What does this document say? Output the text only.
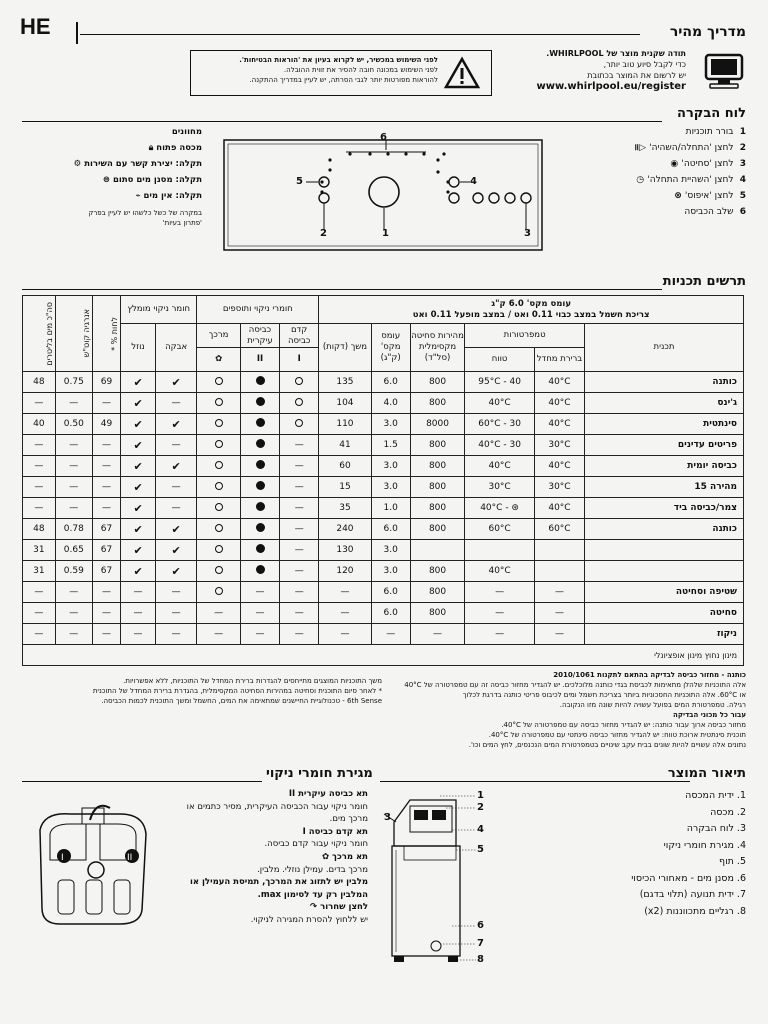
HE	מדריך מהיר
תודה שקנית מוצר של WHIRLPOOL.
כדי לקבל סיוע טוב יותר,
יש לרשום את המוצר בכתובת
www.whirlpool.eu/register
לפני השימוש במכשיר, יש לקרוא בעיון את 'הוראות הבטיחות'.
לפני השימוש במכונה חובה להסיר את זווית ההובלה.
להוראות מפורטות יותר לגבי הסרתה, יש לעיין במדריך ההתקנה.
לוח הבקרה
1  בורר תוכניות
2  לחצן 'התחלה/השהיה' ▷॥
3  לחצן 'סחיטה' ◉
4  לחצן 'השהיית התחלה' ◷
5  לחצן 'איפוס' ⊗
6  שלב הכביסה
6
5	4
2	1	3
מחוונים
מכסה פתוח 🔒︎
תקלה: יצירת קשר עם השירות ⚙
תקלה: מסנן מים סתום ⊜
תקלה: אין מים ⌁
במקרה של כשל כלשהו יש לעיין בפרק
'פתרון בעיות'
תרשים תכניות
עומס מקס' 6.0 ק"ג
צריכת חשמל במצב כבוי 0.11 ואט / במצב מופעל 0.11 ואט						חומרי ניקוי ותוספים			חומר ניקוי מומלץ		לחות % *	אנרגיה קוט"ש	סה"כ מים בליטרים

תכנית	טמפרטורות		מהירות סחיטה מקסימלית (סל"ד)	עומס מקס' (ק"ג)	משך (דקות)	קדם כביסה	כביסה עיקרית	מרכך	אבקה	נוזל			
	ברירת מחדל	טווח				I	II	✿					
כותנה	40°C	40 - 95°C	800	6.0	135				✔	✔	69	0.75	48
ג'ינס	40°C	40°C	800	4.0	104				—	✔	—	—	—
סינתטית	40°C	30 - 60°C	8000	3.0	110				✔	✔	49	0.50	40
פריטים עדינים	30°C	30 - 40°C	800	1.5	41	—			—	✔	—	—	—
כביסה יומית	40°C	40°C	800	3.0	60	—			✔	✔	—	—	—
מהירה 15	30°C	30°C	800	3.0	15	—			—	✔	—	—	—
צמר/כביסה ביד	40°C	⊛ - 40°C	800	1.0	35	—			—	✔	—	—	—
כותנה	60°C	60°C	800	6.0	240	—			✔	✔	67	0.78	48
				3.0	130	—			✔	✔	67	0.65	31
		40°C	800	3.0	120	—			✔	✔	67	0.59	31
שטיפה וסחיטה	—	—	800	6.0	—	—	—		—	—	—	—	—
סחיטה	—	—	800	6.0	—	—	—	—	—	—	—	—	—
ניקוז	—	—	—	—	—	—	—	—	—	—	—	—	—
מינון נחוץ מינון אופציונלי													
כותנה - מחזור כביסה לבדיקה בהתאם לתקנות 2010/1061
אלה התוכניות שלהלן מתאימות לכביסת בגדי כותנה מלוכלכים. יש להגדיר מחזור כביסה זה עם טמפרטורה של 40°C
או 60°C. אלה התוכניות החסכוניות ביותר בצריכת חשמל ומים לכיבוס פריטי כותנה בדרגת לכלוך
רגילה. טמפרטורת המים בפועל עשויה להיות שונה מזו הנקובה.
עבור כל מכוני הבדיקה
מחזור כביסה ארוך עבור כותנה: יש להגדיר מחזור כביסה עם טמפרטורה של 40°C.
תוכנית סינתטית ארוכת טווח: יש להגדיר מחזור כביסה סינתטי עם טמפרטורה של 40°C.
נתונים אלה עשויים להיות שונים בבית עקב שינויים בטמפרטורת המים הנכנסים, לחץ המים וכו'.
משך התוכניות המוצגים מתייחסים להגדרות ברירת המחדל של התוכניות, ללא אפשרויות.
* לאחר סיום התוכנית וסחיטה במהירות הסחיטה המקסימלית, בהגדרת ברירת המחדל של התוכנית
6th Sense - טכנולוגיית החיישנים שמתאימה את המים, החשמל ומשך התוכנית לכמות הכביסה.
תיאור המוצר
1. ידית המכסה
2. מכסה
3. לוח הבקרה
4. מגירת חומרי ניקוי
5. תוף
6. מסנן מים - מאחורי הכיסוי
7. ידית תנועה (תלוי בדגם)
8. רגליים מתכווננות (x2)
1
2
3
4
5
6
7
8
מגירת חומרי ניקוי
תא כביסה עיקרית II
חומר ניקוי עבור הכביסה העיקרית, מסיר כתמים או
מרכך מים.
תא קדם כביסה I
חומר ניקוי עבור קדם כביסה.
תא מרכך ✿
מרכך בדים. עמילן נוזלי. מלבין.
מלבין יש לתזוג את המרכך, תמיסת העמילן או
המלבין רק עד לסימון max.
לחצן שחרור ↷
יש ללחוץ להסרת המגירה לניקוי.
I	II
